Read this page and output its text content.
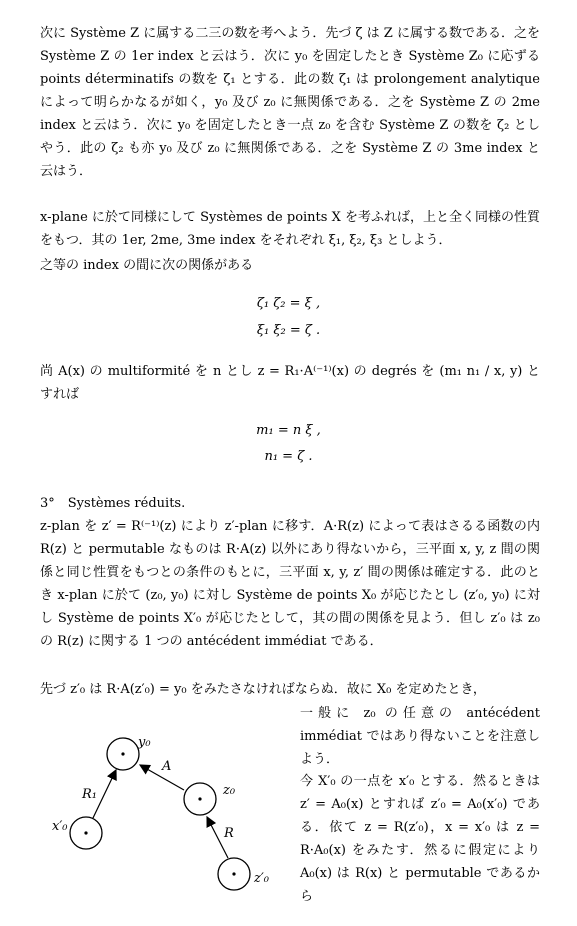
次に Système Z に属する二三の数を考へよう．先づ ζ は Z に属する数である．之を Système Z の 1er index と云はう．次に y₀ を固定したとき Système Z₀ に応ずる points déterminatifs の数を ζ₁ とする．此の数 ζ₁ は prolongement analytique によって明らかなるが如く，y₀ 及び z₀ に無関係である．之を Système Z の 2me index と云はう．次に y₀ を固定したとき一点 z₀ を含む Système Z の数を ζ₂ としやう．此の ζ₂ も亦 y₀ 及び z₀ に無関係である．之を Système Z の 3me index と云はう．

x-plane に於て同様にして Systèmes de points X を考ふれば，上と全く同様の性質をもつ．其の 1er, 2me, 3me index をそれぞれ ξ₁, ξ₂, ξ₃ としよう．

之等の index の間に次の関係がある

ζ₁ ζ₂ = ξ ,
ξ₁ ξ₂ = ζ .

尚 A(x) の multiformité を n とし z = R₁·A⁽⁻¹⁾(x) の degrés を (m₁ n₁ / x, y) とすれば

m₁ = n ξ ,
n₁ = ζ .
3°　Systèmes réduits.

z-plan を z′ = R⁽⁻¹⁾(z) により z′-plan に移す．A·R(z) によって表はさるる函数の内 R(z) と permutable なものは R·A(z) 以外にあり得ないから，三平面 x, y, z 間の関係と同じ性質をもつとの条件のもとに，三平面 x, y, z′ 間の関係は確定する．此のとき x-plan に於て (z₀, y₀) に対し Système de points X₀ が応じたとし (z′₀, y₀) に対し Système de points X′₀ が応じたとして，其の間の関係を見よう．但し z′₀ は z₀ の R(z) に関する 1 つの antécédent immédiat である．

先づ z′₀ は R·A(z′₀) = y₀ をみたさなければならぬ．故に X₀ を定めたとき，

一般に z₀ の任意の antécédent immédiat ではあり得ないことを注意しよう．

今 X′₀ の一点を x′₀ とする．然るときは z′ = A₀(x) とすれば z′₀ = A₀(x′₀) である．依て z = R(z′₀)，x = x′₀ は z = R·A₀(x) をみたす．然るに假定により A₀(x) は R(x) と permutable であるから

y₀
z₀
x′₀
z′₀
A
R₁
R
